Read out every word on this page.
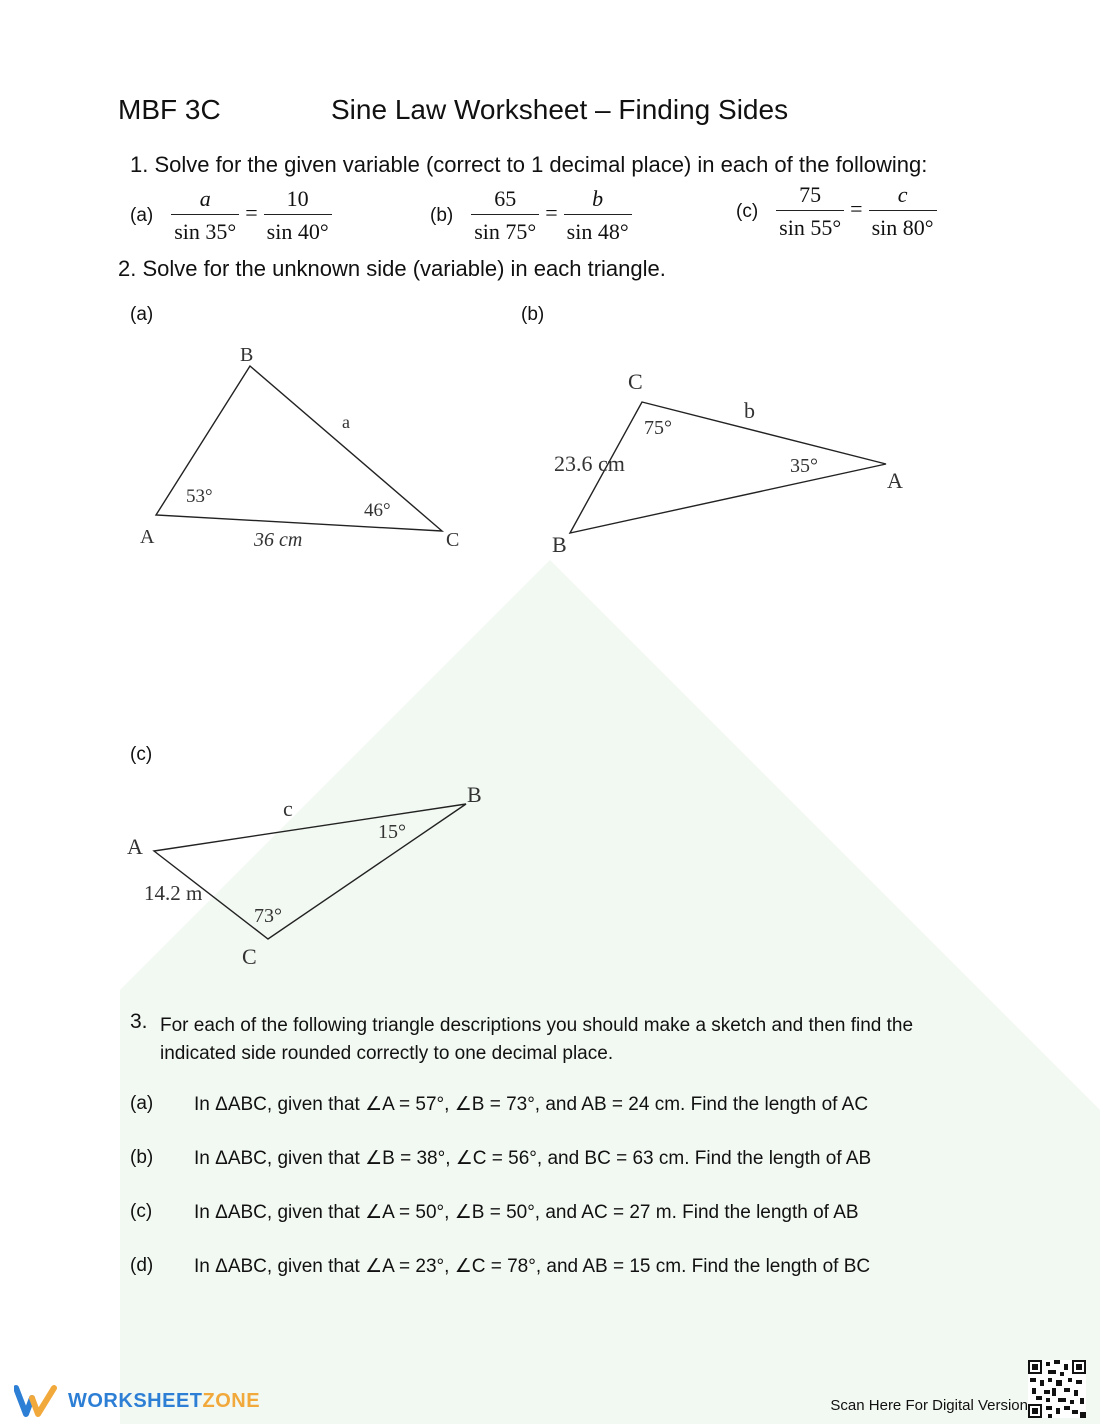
MBF 3C	Sine Law Worksheet – Finding Sides
1. Solve for the given variable (correct to 1 decimal place) in each of the following:
$(a) \frac{a}{\sin 35^\circ} = \frac{10}{\sin 40^\circ}$	$(b) \frac{65}{\sin 75^\circ} = \frac{b}{\sin 48^\circ}$	$(c) \frac{75}{\sin 55^\circ} = \frac{c}{\sin 80^\circ}$
2. Solve for the unknown side (variable) in each triangle.
(a)	(b)
(c)
B
A	C
a
53°
46°
36 cm
C
A
B
b
75°
35°
23.6 cm
A
B
C
c
15°
73°
14.2 m
3. For each of the following triangle descriptions you should make a sketch and then find the indicated side rounded correctly to one decimal place.
(a)	In ΔABC, given that ∠A = 57°, ∠B = 73°, and AB = 24 cm. Find the length of AC
(b)	In ΔABC, given that ∠B = 38°, ∠C = 56°, and BC = 63 cm. Find the length of AB
(c)	In ΔABC, given that ∠A = 50°, ∠B = 50°, and AC = 27 m. Find the length of AB
(d)	In ΔABC, given that ∠A = 23°, ∠C = 78°, and AB = 15 cm. Find the length of BC
WORKSHEETZONE	Scan Here For Digital Version
